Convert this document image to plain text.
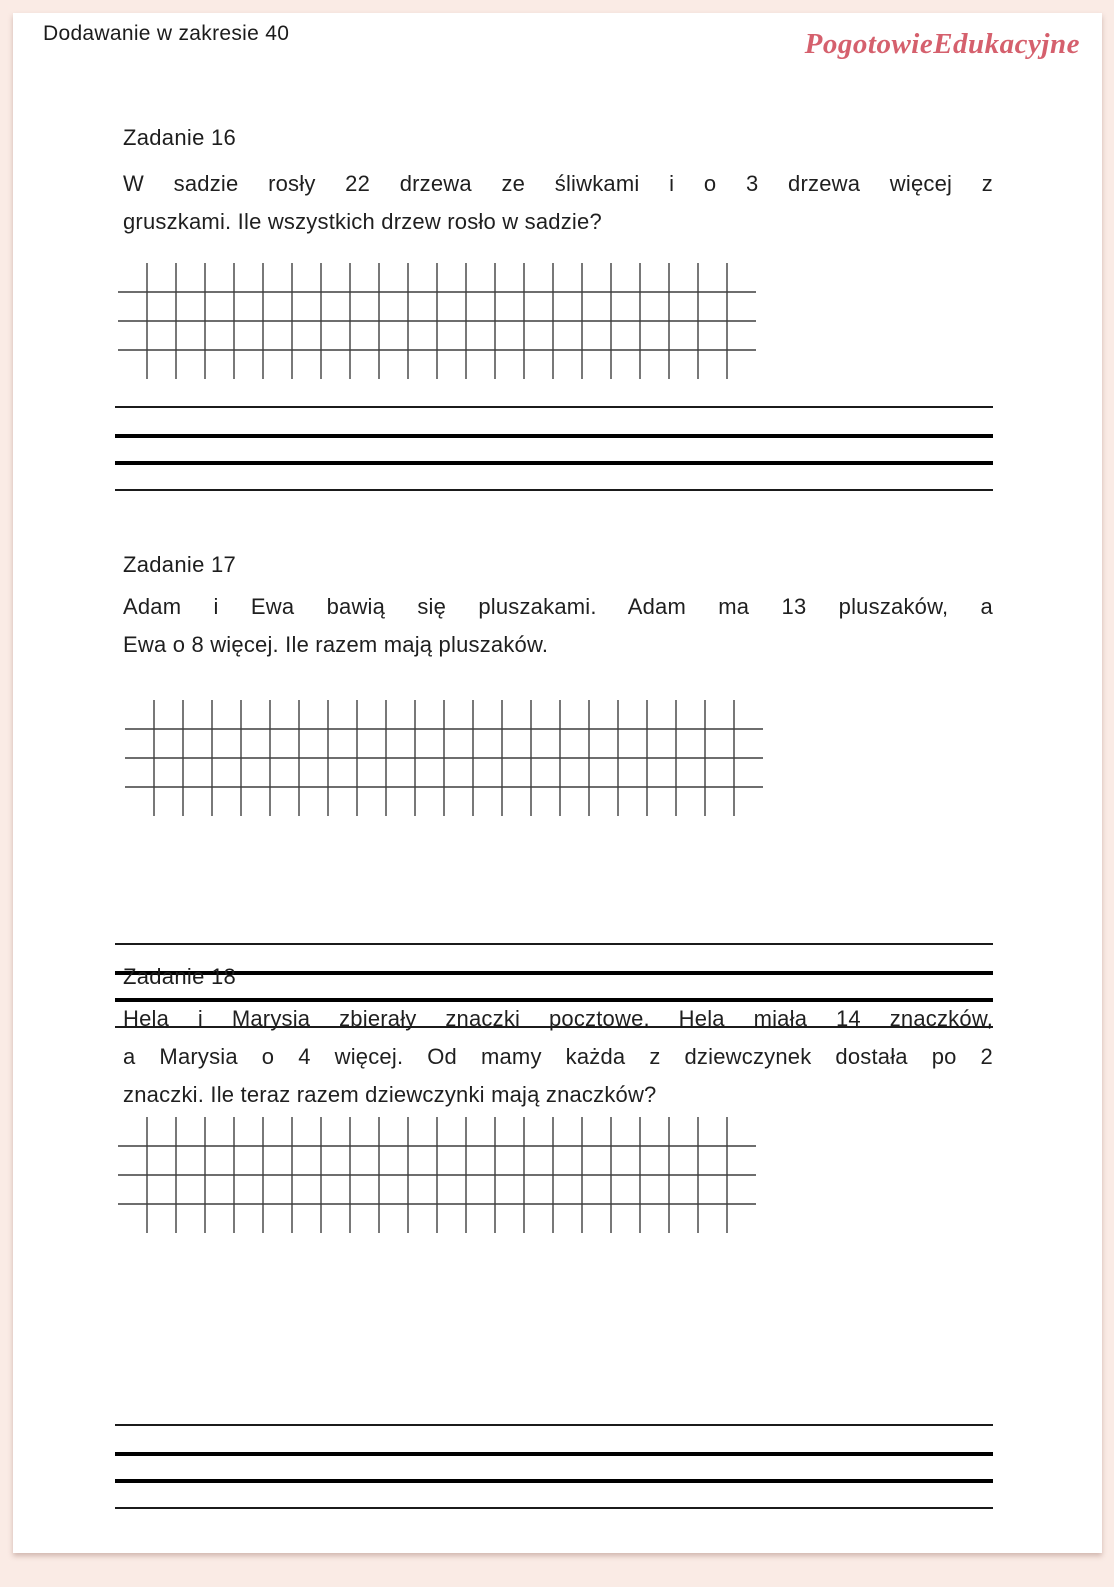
Dodawanie w zakresie 40	PogotowieEdukacyjne
Zadanie 16
W sadzie rosły 22 drzewa ze śliwkami i o 3 drzewa więcej z
gruszkami. Ile wszystkich drzew rosło w sadzie?
Zadanie 17
Adam i Ewa bawią się pluszakami. Adam ma 13 pluszaków, a
Ewa o 8 więcej. Ile razem mają pluszaków.
Zadanie 18
Hela i Marysia zbierały znaczki pocztowe. Hela miała 14 znaczków,
a Marysia o 4 więcej. Od mamy każda z dziewczynek dostała po 2
znaczki. Ile teraz razem dziewczynki mają znaczków?
